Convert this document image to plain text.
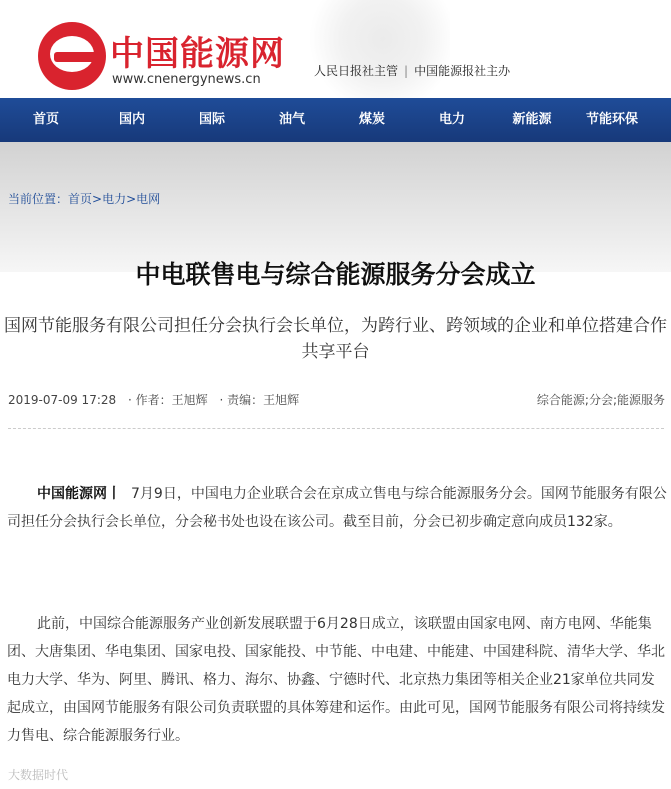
中国能源网
www.cnenergynews.cn
人民日报社主管 | 中国能源报社主办
首页	国内	国际	油气	煤炭	电力	新能源	节能环保
当前位置：首页>电力>电网
中电联售电与综合能源服务分会成立
国网节能服务有限公司担任分会执行会长单位，为跨行业、跨领域的企业和单位搭建合作共享平台
2019-07-09 17:28 · 作者：王旭辉 · 责编：王旭辉	综合能源;分会;能源服务

中国能源网丨 7月9日，中国电力企业联合会在京成立售电与综合能源服务分会。国网节能服务有限公司担任分会执行会长单位，分会秘书处也设在该公司。截至目前，分会已初步确定意向成员132家。

此前，中国综合能源服务产业创新发展联盟于6月28日成立，该联盟由国家电网、南方电网、华能集团、大唐集团、华电集团、国家电投、国家能投、中节能、中电建、中能建、中国建科院、清华大学、华北电力大学、华为、阿里、腾讯、格力、海尔、协鑫、宁德时代、北京热力集团等相关企业21家单位共同发起成立，由国网节能服务有限公司负责联盟的具体筹建和运作。由此可见，国网节能服务有限公司将持续发力售电、综合能源服务行业。

大数据时代
